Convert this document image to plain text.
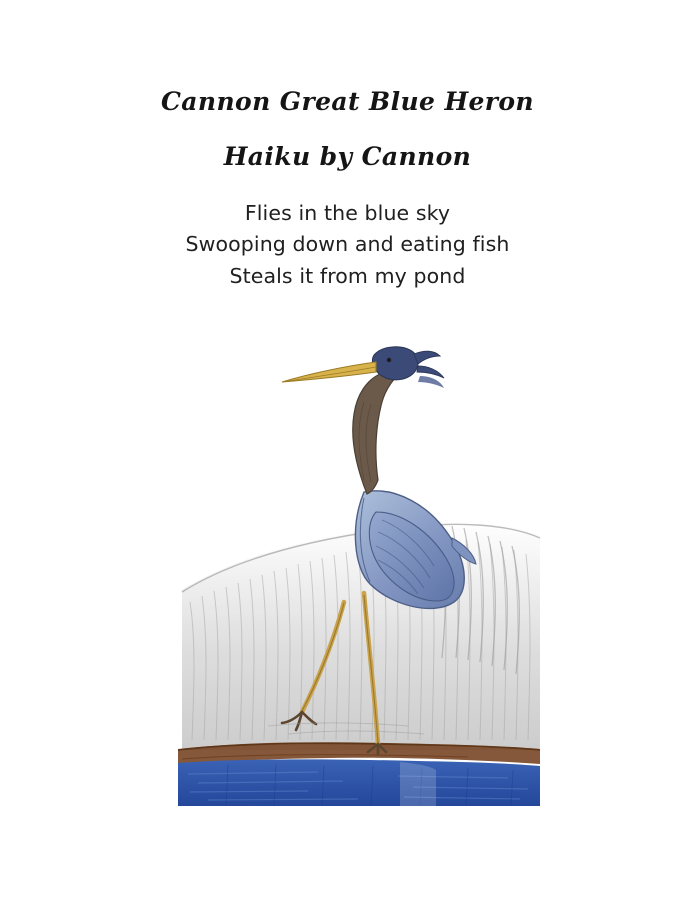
Cannon Great Blue Heron
Haiku by Cannon
Flies in the blue sky
Swooping down and eating fish
Steals it from my pond
